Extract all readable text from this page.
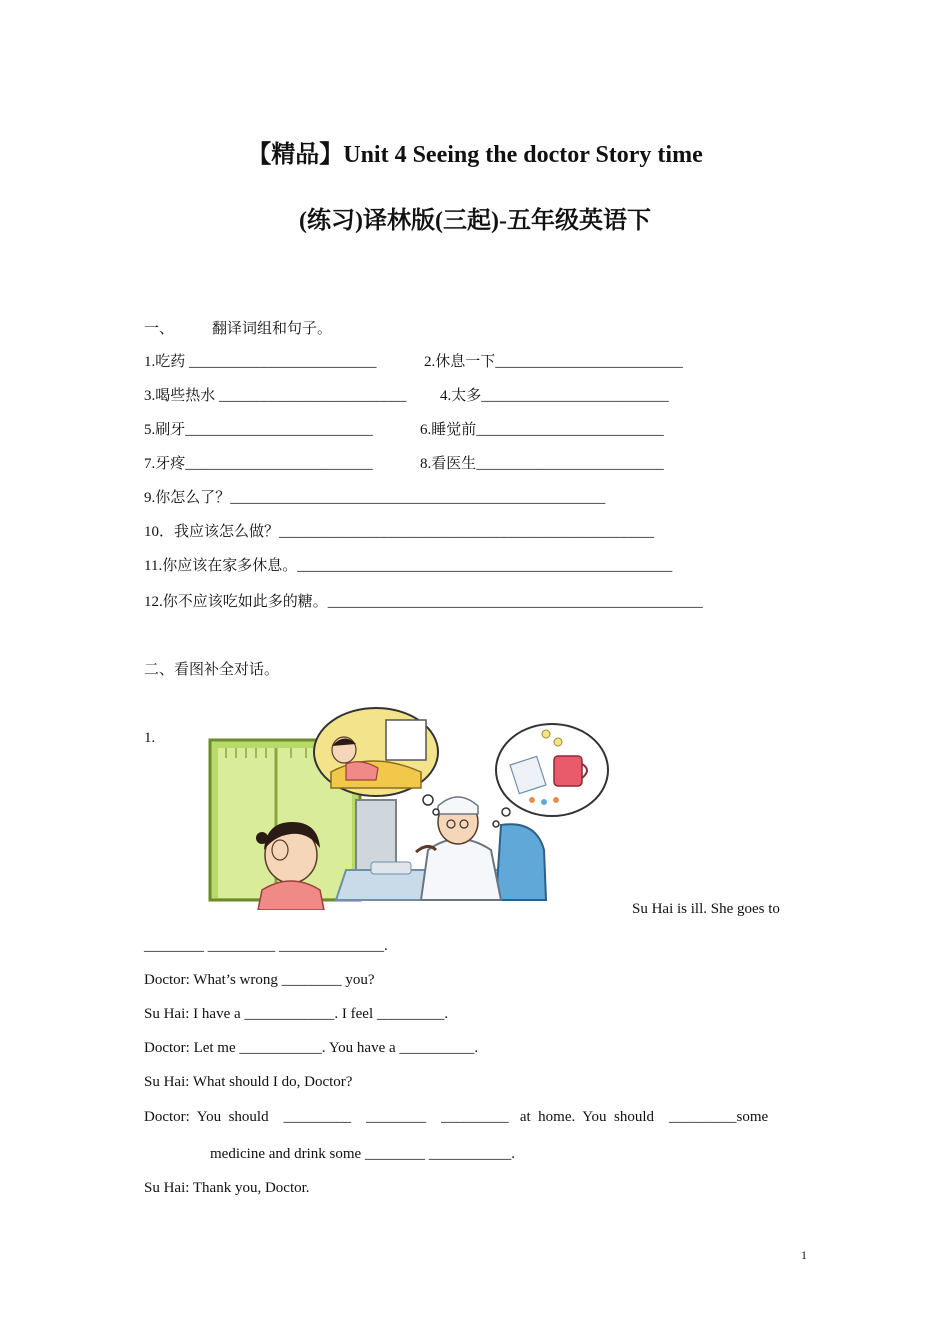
【精品】Unit 4 Seeing the doctor Story time
(练习)译林版(三起)-五年级英语下
一、	翻译词组和句子。
1.吃药 _________________________	2.休息一下_________________________
3.喝些热水 _________________________ 4.太多_________________________
5.刷牙_________________________	6.睡觉前_________________________
7.牙疼_________________________	8.看医生_________________________
9.你怎么了？__________________________________________________
10．我应该怎么做？__________________________________________________
11.你应该在家多休息。__________________________________________________
12.你不应该吃如此多的糖。__________________________________________________
二、看图补全对话。
1.
Su Hai is ill. She goes to
________ _________ ______________.
Doctor: What’s wrong ________ you?
Su Hai: I have a ____________. I feel _________.
Doctor: Let me ___________. You have a __________.
Su Hai: What should I do, Doctor?
Doctor:  You  should    _________    ________    _________   at  home.  You  should    _________some
medicine and drink some ________ ___________.
Su Hai: Thank you, Doctor.
1
